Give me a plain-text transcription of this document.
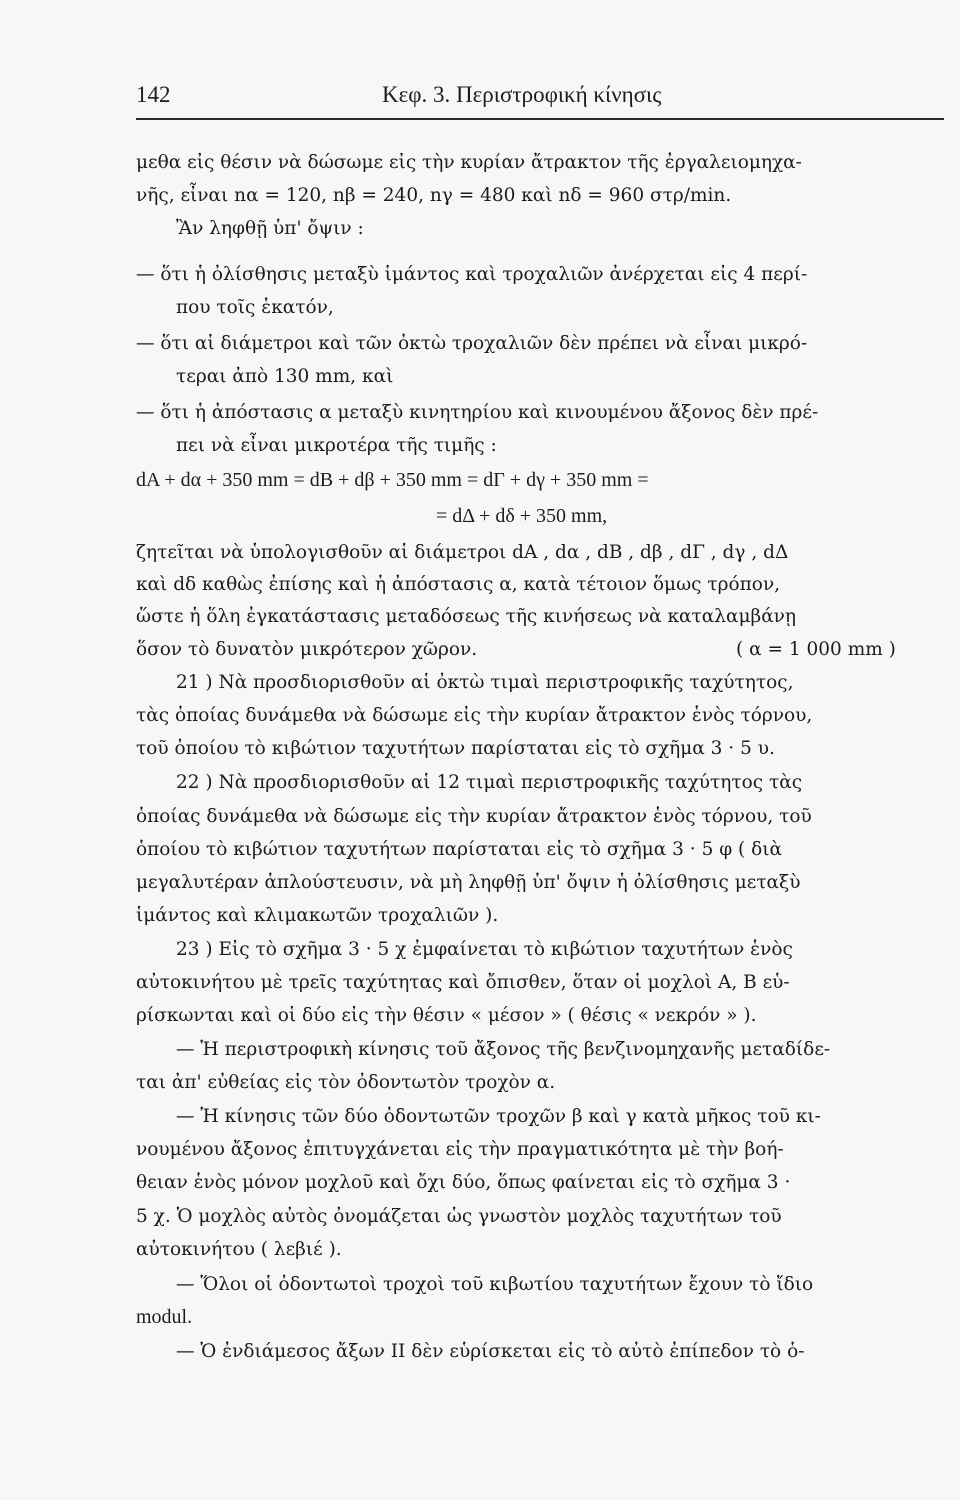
142	Κεφ. 3. Περιστροφική κίνησις
μεθα εἰς θέσιν νὰ δώσωμε εἰς τὴν κυρίαν ἄτρακτον τῆς ἐργαλειομηχα-
νῆς, εἶναι nα = 120, nβ = 240, nγ = 480 καὶ nδ = 960 στρ/min.
Ἂν ληφθῇ ὑπ' ὄψιν :
— ὅτι ἡ ὀλίσθησις μεταξὺ ἱμάντος καὶ τροχαλιῶν ἀνέρχεται εἰς 4 περί-
που τοῖς ἑκατόν,
— ὅτι αἱ διάμετροι καὶ τῶν ὀκτὼ τροχαλιῶν δὲν πρέπει νὰ εἶναι μικρό-
τεραι ἀπὸ 130 mm, καὶ
— ὅτι ἡ ἀπόστασις α μεταξὺ κινητηρίου καὶ κινουμένου ἄξονος δὲν πρέ-
πει νὰ εἶναι μικροτέρα τῆς τιμῆς :
dA + dα + 350 mm = dB + dβ + 350 mm = dΓ + dγ + 350 mm =
= dΔ + dδ + 350 mm,
ζητεῖται νὰ ὑπολογισθοῦν αἱ διάμετροι dA , dα , dB , dβ , dΓ , dγ , dΔ
καὶ dδ καθὼς ἐπίσης καὶ ἡ ἀπόστασις α, κατὰ τέτοιον ὅμως τρόπον,
ὥστε ἡ ὅλη ἐγκατάστασις μεταδόσεως τῆς κινήσεως νὰ καταλαμβάνῃ
ὅσον τὸ δυνατὸν μικρότερον χῶρον.	( α = 1 000 mm )
21 ) Νὰ προσδιορισθοῦν αἱ ὀκτὼ τιμαὶ περιστροφικῆς ταχύτητος,
τὰς ὁποίας δυνάμεθα νὰ δώσωμε εἰς τὴν κυρίαν ἄτρακτον ἑνὸς τόρνου,
τοῦ ὁποίου τὸ κιβώτιον ταχυτήτων παρίσταται εἰς τὸ σχῆμα 3 · 5 υ.
22 ) Νὰ προσδιορισθοῦν αἱ 12 τιμαὶ περιστροφικῆς ταχύτητος τὰς
ὁποίας δυνάμεθα νὰ δώσωμε εἰς τὴν κυρίαν ἄτρακτον ἑνὸς τόρνου, τοῦ
ὁποίου τὸ κιβώτιον ταχυτήτων παρίσταται εἰς τὸ σχῆμα 3 · 5 φ ( διὰ
μεγαλυτέραν ἁπλούστευσιν, νὰ μὴ ληφθῇ ὑπ' ὄψιν ἡ ὀλίσθησις μεταξὺ
ἱμάντος καὶ κλιμακωτῶν τροχαλιῶν ).
23 ) Εἰς τὸ σχῆμα 3 · 5 χ ἐμφαίνεται τὸ κιβώτιον ταχυτήτων ἑνὸς
αὐτοκινήτου μὲ τρεῖς ταχύτητας καὶ ὄπισθεν, ὅταν οἱ μοχλοὶ Α, Β εὑ-
ρίσκωνται καὶ οἱ δύο εἰς τὴν θέσιν « μέσον » ( θέσις « νεκρόν » ).
— Ἡ περιστροφικὴ κίνησις τοῦ ἄξονος τῆς βενζινομηχανῆς μεταδίδε-
ται ἀπ' εὐθείας εἰς τὸν ὀδοντωτὸν τροχὸν α.
— Ἡ κίνησις τῶν δύο ὀδοντωτῶν τροχῶν β καὶ γ κατὰ μῆκος τοῦ κι-
νουμένου ἄξονος ἐπιτυγχάνεται εἰς τὴν πραγματικότητα μὲ τὴν βοή-
θειαν ἑνὸς μόνον μοχλοῦ καὶ ὄχι δύο, ὅπως φαίνεται εἰς τὸ σχῆμα 3 ·
5 χ. Ὁ μοχλὸς αὐτὸς ὀνομάζεται ὡς γνωστὸν μοχλὸς ταχυτήτων τοῦ
αὐτοκινήτου ( λεβιέ ).
— Ὅλοι οἱ ὀδοντωτοὶ τροχοὶ τοῦ κιβωτίου ταχυτήτων ἔχουν τὸ ἴδιο
modul.
— Ὁ ἐνδιάμεσος ἄξων ΙΙ δὲν εὑρίσκεται εἰς τὸ αὐτὸ ἐπίπεδον τὸ ὁ-
